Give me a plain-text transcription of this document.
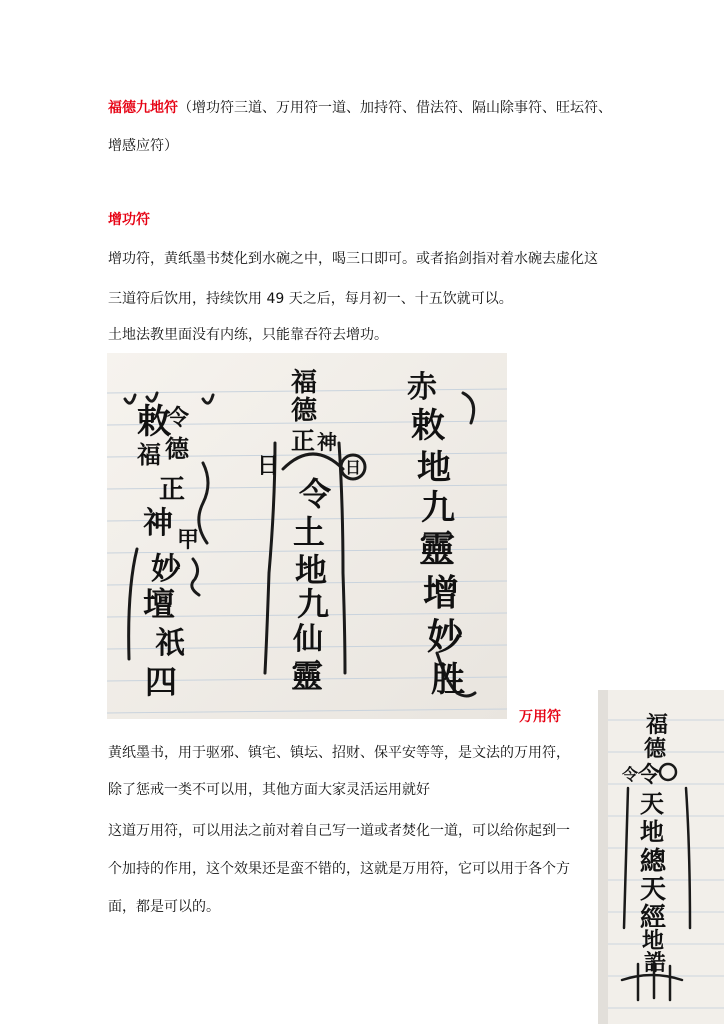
福德九地符（增功符三道、万用符一道、加持符、借法符、隔山除事符、旺坛符、
增感应符）
增功符
增功符，黄纸墨书焚化到水碗之中，喝三口即可。或者掐剑指对着水碗去虚化这
三道符后饮用，持续饮用 49 天之后，每月初一、十五饮就可以。
土地法教里面没有内练，只能靠吞符去增功。
敕
令
福 德
正
神 甲
妙
壇
祇
四
福
德
正 神
日	日
令
土
地
九
仙
靈
赤
敕
地
九
靈
增
妙
胜
万用符
黄纸墨书，用于驱邪、镇宅、镇坛、招财、保平安等等，是文法的万用符，
除了惩戒一类不可以用，其他方面大家灵活运用就好
这道万用符，可以用法之前对着自己写一道或者焚化一道，可以给你起到一
个加持的作用，这个效果还是蛮不错的，这就是万用符，它可以用于各个方
面，都是可以的。
福
德
令 令
天
地
總
天
經
地
誥
